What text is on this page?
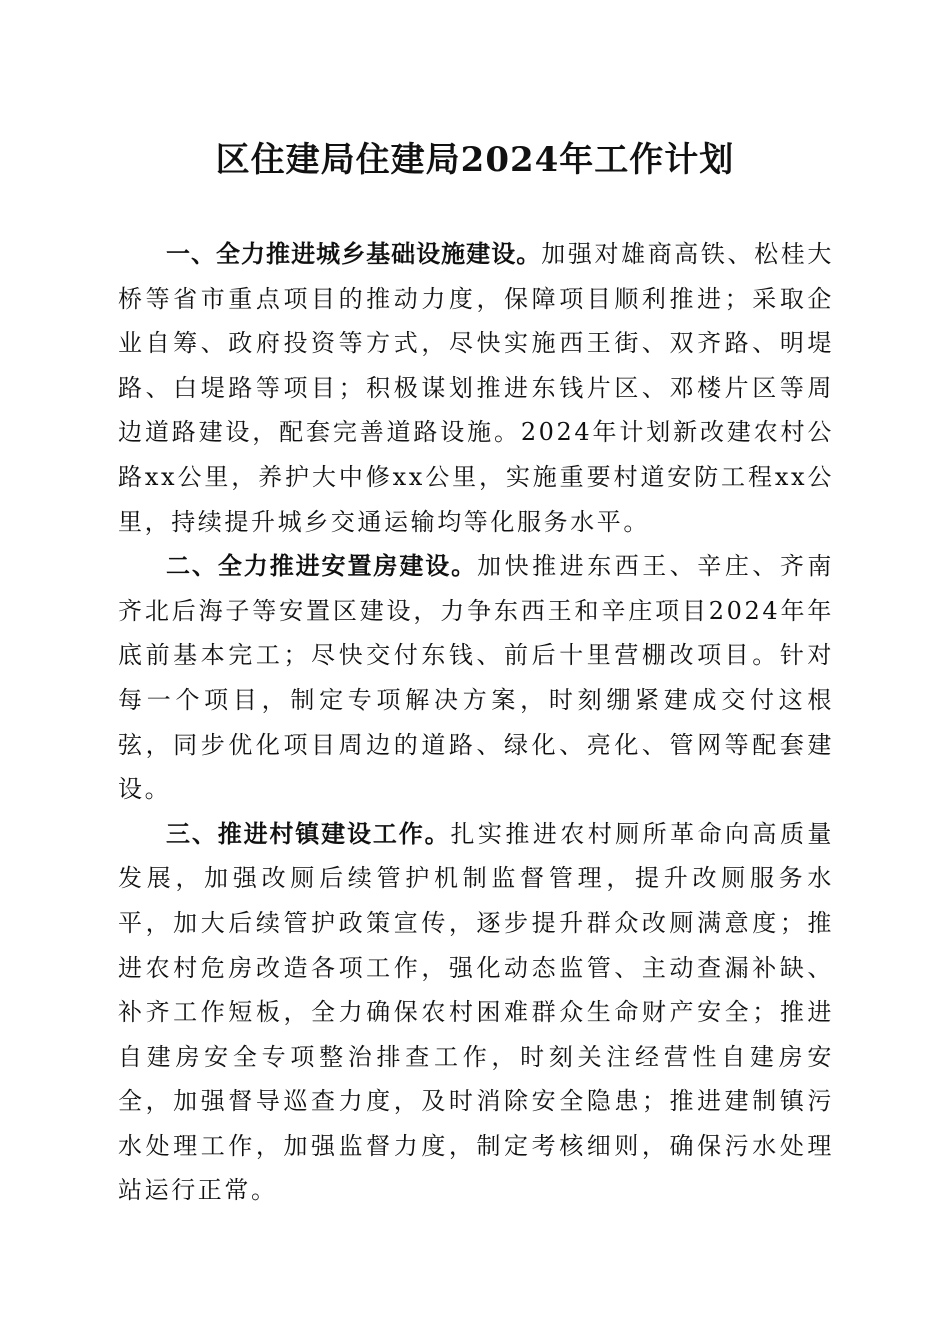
区住建局住建局2024年工作计划

一、全力推进城乡基础设施建设。加强对雄商高铁、松桂大桥等省市重点项目的推动力度，保障项目顺利推进；采取企业自筹、政府投资等方式，尽快实施西王街、双齐路、明堤路、白堤路等项目；积极谋划推进东钱片区、邓楼片区等周边道路建设，配套完善道路设施。2024年计划新改建农村公路xx公里，养护大中修xx公里，实施重要村道安防工程xx公里，持续提升城乡交通运输均等化服务水平。

二、全力推进安置房建设。加快推进东西王、辛庄、齐南齐北后海子等安置区建设，力争东西王和辛庄项目2024年年底前基本完工；尽快交付东钱、前后十里营棚改项目。针对每一个项目，制定专项解决方案，时刻绷紧建成交付这根弦，同步优化项目周边的道路、绿化、亮化、管网等配套建设。

三、推进村镇建设工作。扎实推进农村厕所革命向高质量发展，加强改厕后续管护机制监督管理，提升改厕服务水平，加大后续管护政策宣传，逐步提升群众改厕满意度；推进农村危房改造各项工作，强化动态监管、主动查漏补缺、补齐工作短板，全力确保农村困难群众生命财产安全；推进自建房安全专项整治排查工作，时刻关注经营性自建房安全，加强督导巡查力度，及时消除安全隐患；推进建制镇污水处理工作，加强监督力度，制定考核细则，确保污水处理站运行正常。
